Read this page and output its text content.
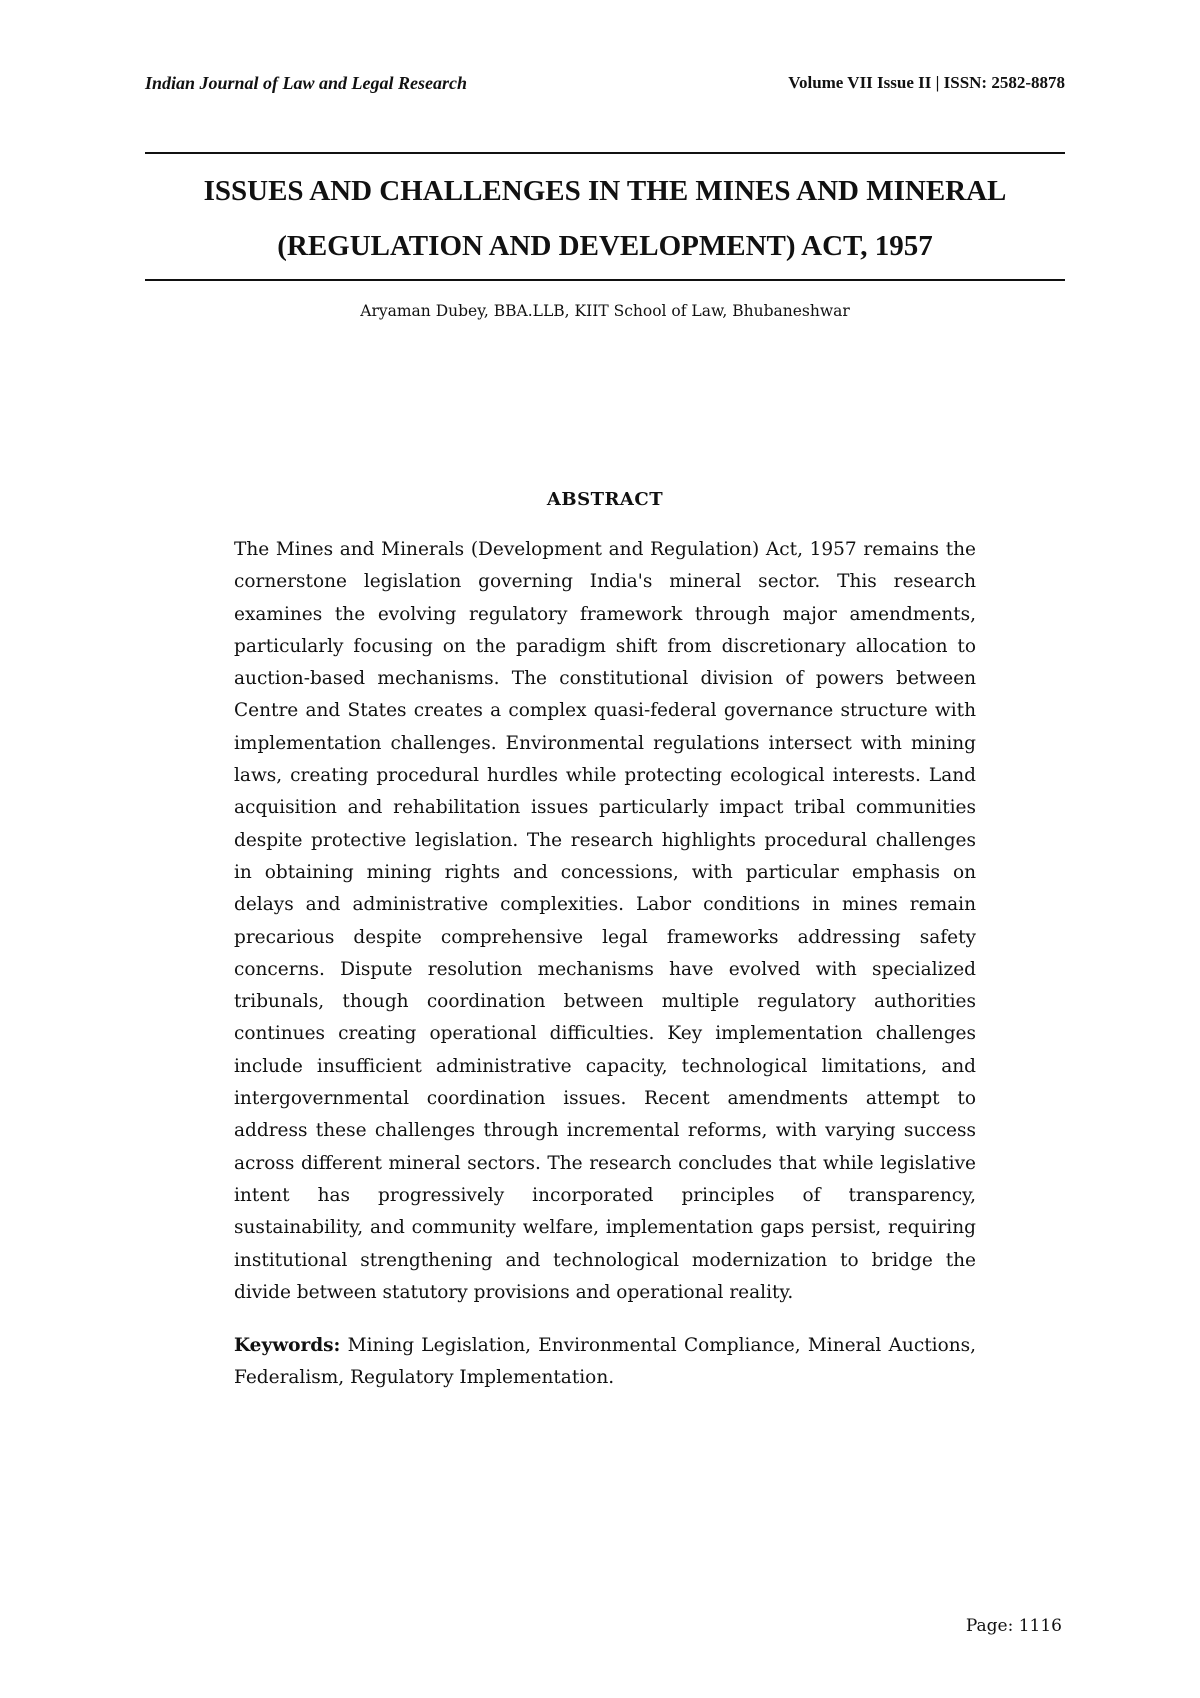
Indian Journal of Law and Legal Research	Volume VII Issue II | ISSN: 2582-8878
ISSUES AND CHALLENGES IN THE MINES AND MINERAL
(REGULATION AND DEVELOPMENT) ACT, 1957
Aryaman Dubey, BBA.LLB, KIIT School of Law, Bhubaneshwar
ABSTRACT

The Mines and Minerals (Development and Regulation) Act, 1957 remains the cornerstone legislation governing India's mineral sector. This research examines the evolving regulatory framework through major amendments, particularly focusing on the paradigm shift from discretionary allocation to auction-based mechanisms. The constitutional division of powers between Centre and States creates a complex quasi-federal governance structure with implementation challenges. Environmental regulations intersect with mining laws, creating procedural hurdles while protecting ecological interests. Land acquisition and rehabilitation issues particularly impact tribal communities despite protective legislation. The research highlights procedural challenges in obtaining mining rights and concessions, with particular emphasis on delays and administrative complexities. Labor conditions in mines remain precarious despite comprehensive legal frameworks addressing safety concerns. Dispute resolution mechanisms have evolved with specialized tribunals, though coordination between multiple regulatory authorities continues creating operational difficulties. Key implementation challenges include insufficient administrative capacity, technological limitations, and intergovernmental coordination issues. Recent amendments attempt to address these challenges through incremental reforms, with varying success across different mineral sectors. The research concludes that while legislative intent has progressively incorporated principles of transparency, sustainability, and community welfare, implementation gaps persist, requiring institutional strengthening and technological modernization to bridge the divide between statutory provisions and operational reality.

Keywords: Mining Legislation, Environmental Compliance, Mineral Auctions, Federalism, Regulatory Implementation.

Page: 1116
